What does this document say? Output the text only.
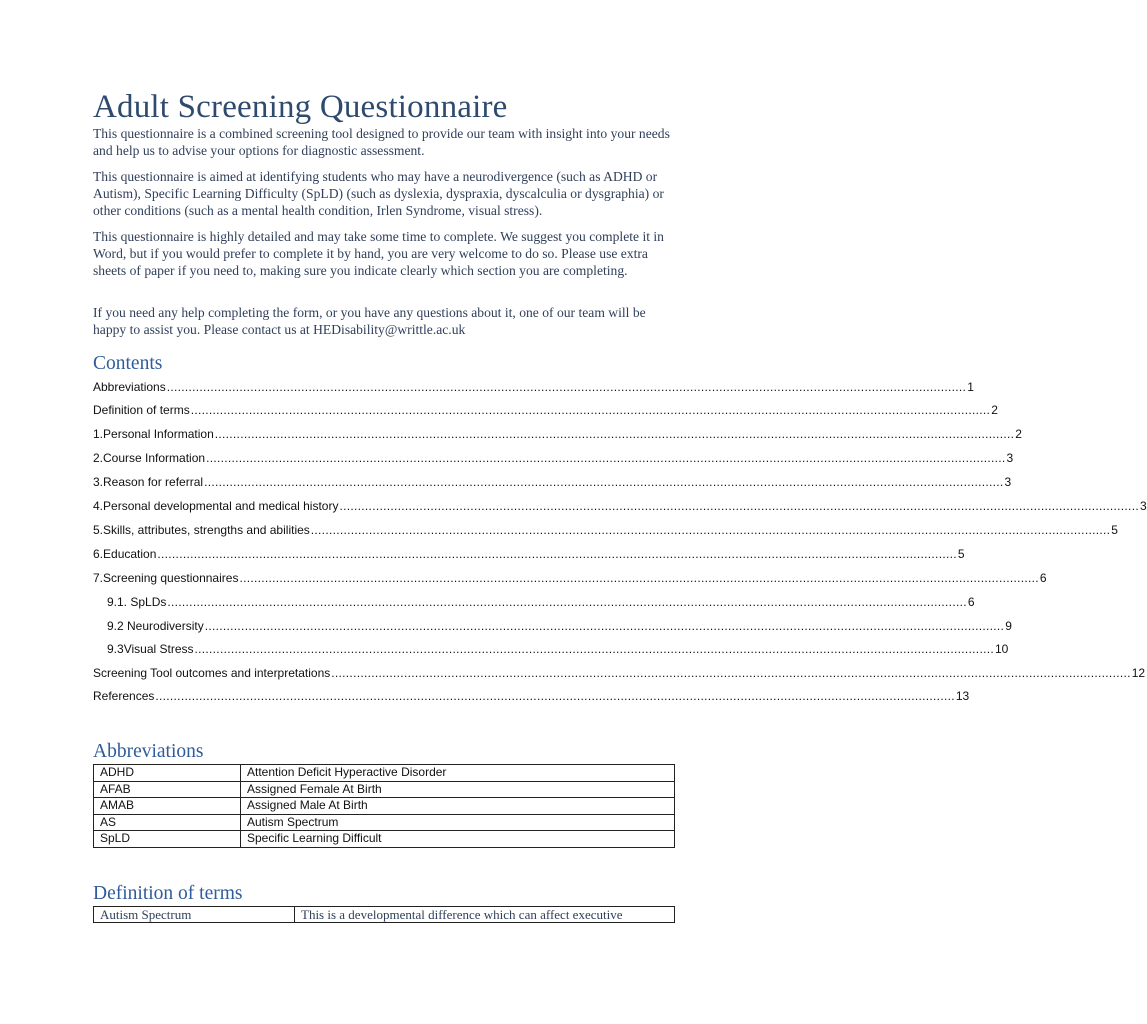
Adult Screening Questionnaire

This questionnaire is a combined screening tool designed to provide our team with insight into your needs and help us to advise your options for diagnostic assessment.

This questionnaire is aimed at identifying students who may have a neurodivergence (such as ADHD or Autism), Specific Learning Difficulty (SpLD) (such as dyslexia, dyspraxia, dyscalculia or dysgraphia) or other conditions (such as a mental health condition, Irlen Syndrome, visual stress).

This questionnaire is highly detailed and may take some time to complete. We suggest you complete it in Word, but if you would prefer to complete it by hand, you are very welcome to do so. Please use extra sheets of paper if you need to, making sure you indicate clearly which section you are completing.

If you need any help completing the form, or you have any questions about it, one of our team will be happy to assist you. Please contact us at HEDisability@writtle.ac.uk

Contents
Abbreviations ............................................................................................................................................................................................................................ 1
Definition of terms ............................................................................................................................................................................................................................ 2
1. Personal Information ............................................................................................................................................................................................................................ 2
2. Course Information ............................................................................................................................................................................................................................ 3
3. Reason for referral ............................................................................................................................................................................................................................ 3
4. Personal developmental and medical history ............................................................................................................................................................................................................................ 3
5. Skills, attributes, strengths and abilities ............................................................................................................................................................................................................................ 5
6. Education ............................................................................................................................................................................................................................ 5
7. Screening questionnaires ............................................................................................................................................................................................................................ 6
9.1. SpLDs ............................................................................................................................................................................................................................ 6
9.2 Neurodiversity ............................................................................................................................................................................................................................ 9
9.3 Visual Stress ............................................................................................................................................................................................................................ 10
Screening Tool outcomes and interpretations ............................................................................................................................................................................................................................ 12
References ............................................................................................................................................................................................................................ 13
Abbreviations
ADHD	Attention Deficit Hyperactive Disorder
AFAB	Assigned Female At Birth
AMAB	Assigned Male At Birth
AS	Autism Spectrum
SpLD	Specific Learning Difficult
Definition of terms
Autism Spectrum	This is a developmental difference which can affect executive
